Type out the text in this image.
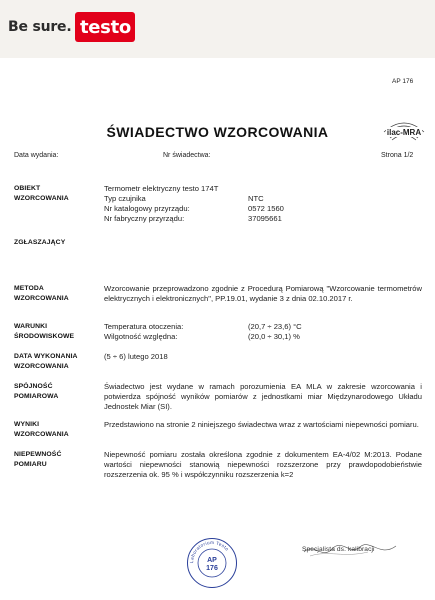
Be sure. testo
AP 176
ilac-MRA
ŚWIADECTWO WZORCOWANIA
Data wydania:	Nr świadectwa:	Strona 1/2
OBIEKT WZORCOWANIA
Termometr elektryczny testo 174T
Typ czujnika	NTC
Nr katalogowy przyrządu:	0572 1560
Nr fabryczny przyrządu:	37095661
ZGŁASZAJĄCY
METODA WZORCOWANIA
Wzorcowanie przeprowadzono zgodnie z Procedurą Pomiarową "Wzorcowanie termometrów elektrycznych i elektronicznych", PP.19.01, wydanie 3 z dnia 02.10.2017 r.
WARUNKI ŚRODOWISKOWE
Temperatura otoczenia:	(20,7 ÷ 23,6) °C
Wilgotność względna:	(20,0 ÷ 30,1) %
DATA WYKONANIA WZORCOWANIA
(5 ÷ 6) lutego 2018
SPÓJNOŚĆ POMIAROWA
Świadectwo jest wydane w ramach porozumienia EA MLA w zakresie wzorcowania i potwierdza spójność wyników pomiarów z jednostkami miar Międzynarodowego Układu Jednostek Miar (SI).
WYNIKI WZORCOWANIA
Przedstawiono na stronie 2 niniejszego świadectwa wraz z wartościami niepewności pomiaru.
NIEPEWNOŚĆ POMIARU
Niepewność pomiaru została określona zgodnie z dokumentem EA-4/02 M:2013. Podane wartości niepewności stanowią niepewności rozszerzone przy prawdopodobieństwie rozszerzenia ok. 95 % i współczynniku rozszerzenia k=2
Laboratorium Testo
AP
176
Specjalista ds. kalibracji
